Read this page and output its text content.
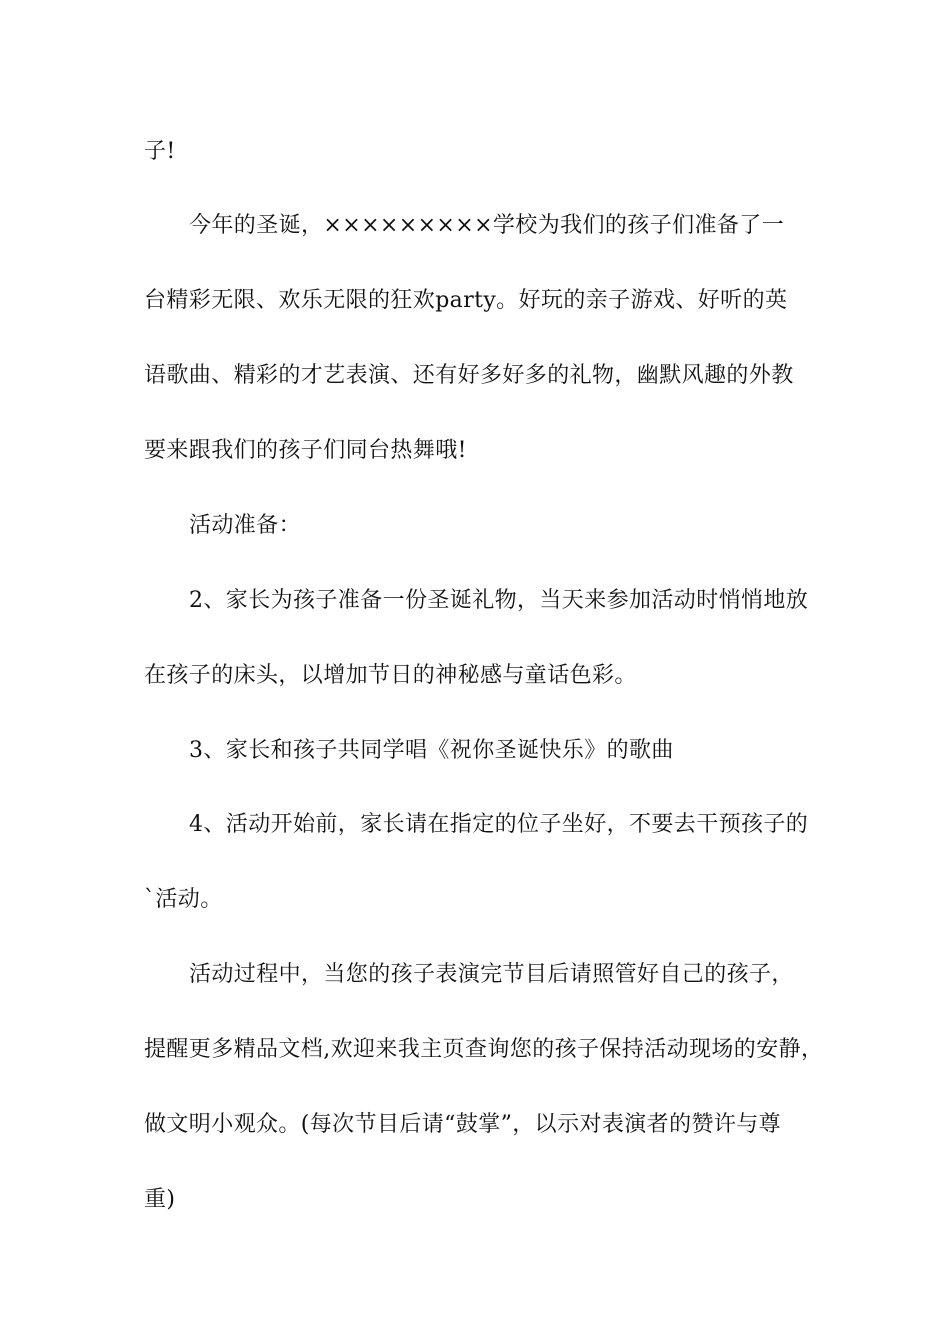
子!

今年的圣诞，×××××××××学校为我们的孩子们准备了一

台精彩无限、欢乐无限的狂欢party。好玩的亲子游戏、好听的英

语歌曲、精彩的才艺表演、还有好多好多的礼物，幽默风趣的外教

要来跟我们的孩子们同台热舞哦!

活动准备：

2、家长为孩子准备一份圣诞礼物，当天来参加活动时悄悄地放

在孩子的床头，以增加节日的神秘感与童话色彩。

3、家长和孩子共同学唱《祝你圣诞快乐》的歌曲

4、活动开始前，家长请在指定的位子坐好，不要去干预孩子的

`活动。

活动过程中，当您的孩子表演完节目后请照管好自己的孩子，

提醒更多精品文档,欢迎来我主页查询您的孩子保持活动现场的安静，

做文明小观众。(每次节目后请“鼓掌”，以示对表演者的赞许与尊

重)
